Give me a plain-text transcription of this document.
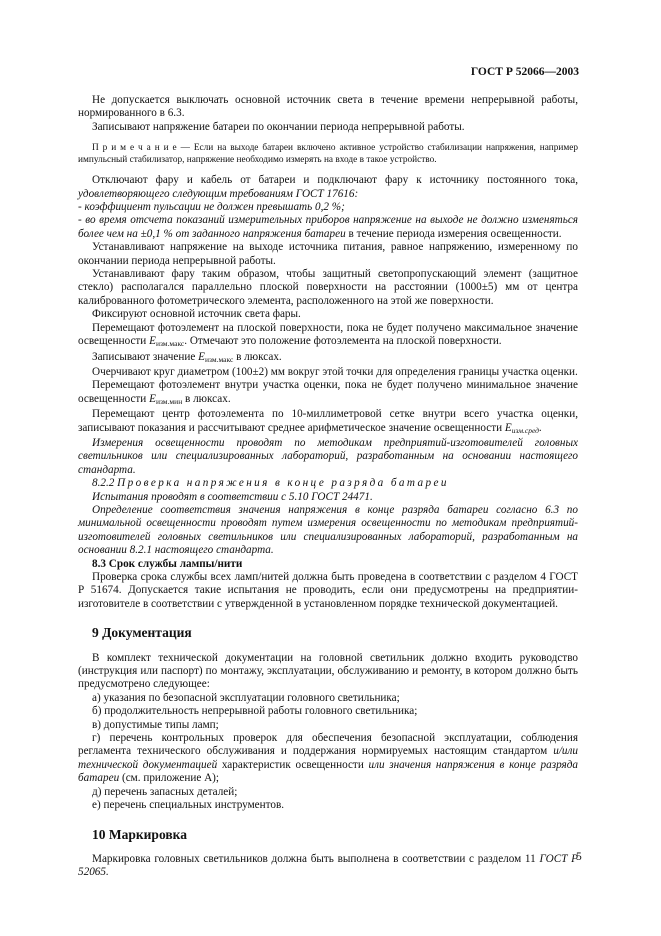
ГОСТ Р 52066—2003

Не допускается выключать основной источник света в течение времени непрерывной работы, нормированного в 6.3.

Записывают напряжение батареи по окончании периода непрерывной работы.

П р и м е ч а н и е — Если на выходе батареи включено активное устройство стабилизации напряжения, например импульсный стабилизатор, напряжение необходимо измерять на входе в такое устройство.

Отключают фару и кабель от батареи и подключают фару к источнику постоянного тока, удовлетворяющего следующим требованиям ГОСТ 17616:

- коэффициент пульсации не должен превышать 0,2 %;

- во время отсчета показаний измерительных приборов напряжение на выходе не должно изменяться более чем на ±0,1 % от заданного напряжения батареи в течение периода измерения освещенности.

Устанавливают напряжение на выходе источника питания, равное напряжению, измеренному по окончании периода непрерывной работы.

Устанавливают фару таким образом, чтобы защитный светопропускающий элемент (защитное стекло) располагался параллельно плоской поверхности на расстоянии (1000±5) мм от центра калиброванного фотометрического элемента, расположенного на этой же поверхности.

Фиксируют основной источник света фары.

Перемещают фотоэлемент на плоской поверхности, пока не будет получено максимальное значение освещенности $E_{изм.макс}$. Отмечают это положение фотоэлемента на плоской поверхности.

Записывают значение $E_{изм.макс}$ в люксах.

Очерчивают круг диаметром (100±2) мм вокруг этой точки для определения границы участка оценки.

Перемещают фотоэлемент внутри участка оценки, пока не будет получено минимальное значение освещенности $E_{изм.мин}$ в люксах.

Перемещают центр фотоэлемента по 10-миллиметровой сетке внутри всего участка оценки, записывают показания и рассчитывают среднее арифметическое значение освещенности $E_{изм.сред}$.

Измерения освещенности проводят по методикам предприятий-изготовителей головных светильников или специализированных лабораторий, разработанным на основании настоящего стандарта.

8.2.2 Проверка напряжения в конце разряда батареи

Испытания проводят в соответствии с 5.10 ГОСТ 24471.

Определение соответствия значения напряжения в конце разряда батареи согласно 6.3 по минимальной освещенности проводят путем измерения освещенности по методикам предприятий-изготовителей головных светильников или специализированных лабораторий, разработанным на основании 8.2.1 настоящего стандарта.

8.3 Срок службы лампы/нити

Проверка срока службы всех ламп/нитей должна быть проведена в соответствии с разделом 4 ГОСТ Р 51674. Допускается такие испытания не проводить, если они предусмотрены на предприятии-изготовителе в соответствии с утвержденной в установленном порядке технической документацией.

9 Документация

В комплект технической документации на головной светильник должно входить руководство (инструкция или паспорт) по монтажу, эксплуатации, обслуживанию и ремонту, в котором должно быть предусмотрено следующее:

а) указания по безопасной эксплуатации головного светильника;

б) продолжительность непрерывной работы головного светильника;

в) допустимые типы ламп;

г) перечень контрольных проверок для обеспечения безопасной эксплуатации, соблюдения регламента технического обслуживания и поддержания нормируемых настоящим стандартом и/или технической документацией характеристик освещенности или значения напряжения в конце разряда батареи (см. приложение А);

д) перечень запасных деталей;

е) перечень специальных инструментов.

10 Маркировка

Маркировка головных светильников должна быть выполнена в соответствии с разделом 11 ГОСТ Р 52065.

5
